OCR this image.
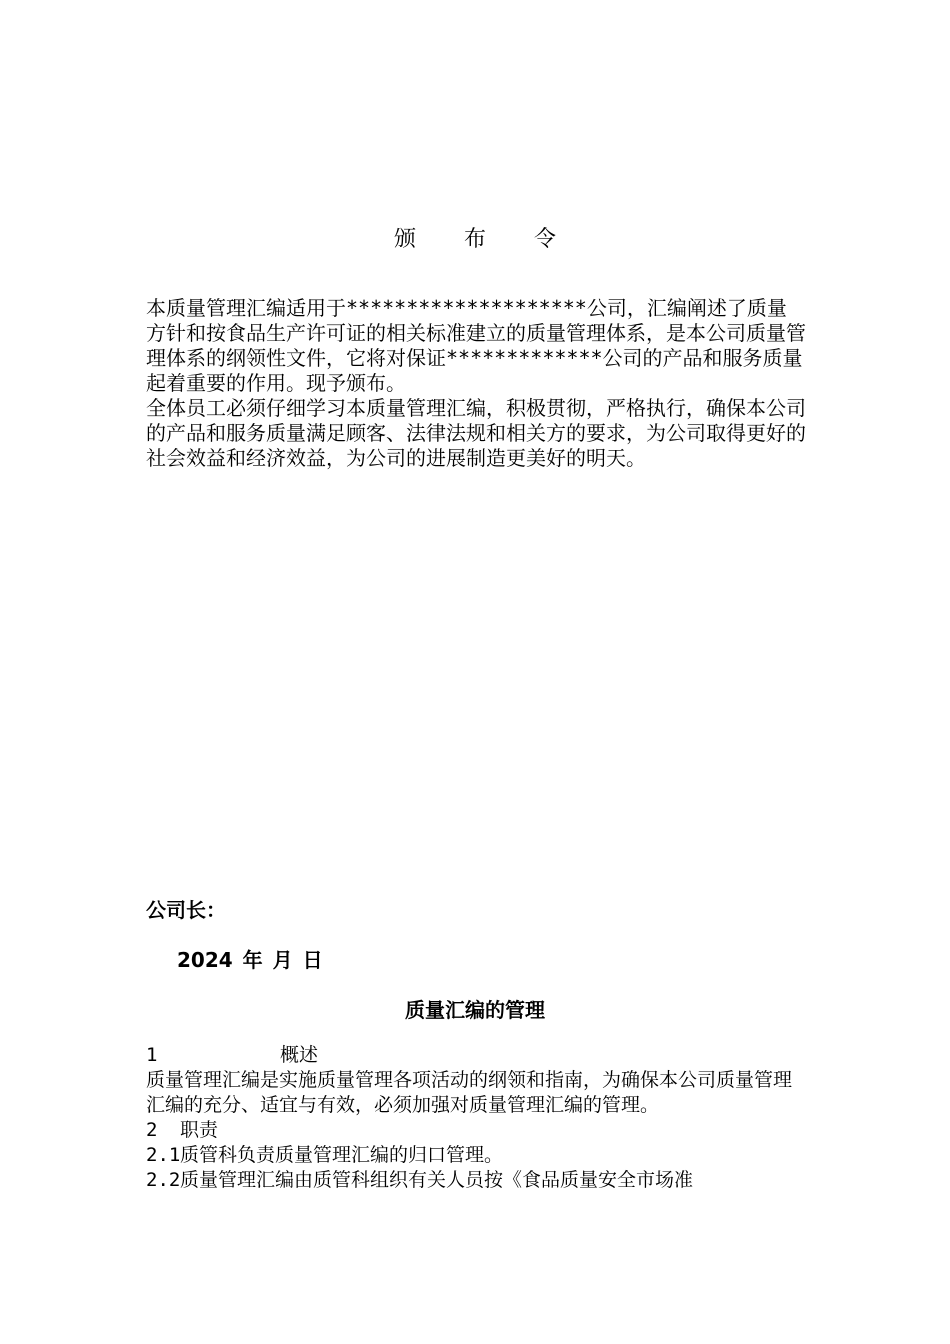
颁 布 令

本质量管理汇编适用于********************公司，汇编阐述了质量方针和按食品生产许可证的相关标准建立的质量管理体系，是本公司质量管理体系的纲领性文件，它将对保证*************公司的产品和服务质量起着重要的作用。现予颁布。

全体员工必须仔细学习本质量管理汇编，积极贯彻，严格执行，确保本公司的产品和服务质量满足顾客、法律法规和相关方的要求，为公司取得更好的社会效益和经济效益，为公司的进展制造更美好的明天。

公司长：
2024 年 月 日
质量汇编的管理

1	概述

质量管理汇编是实施质量管理各项活动的纲领和指南，为确保本公司质量管理汇编的充分、适宜与有效，必须加强对质量管理汇编的管理。

2 职责

2.1质管科负责质量管理汇编的归口管理。

2.2质量管理汇编由质管科组织有关人员按《食品质量安全市场准
